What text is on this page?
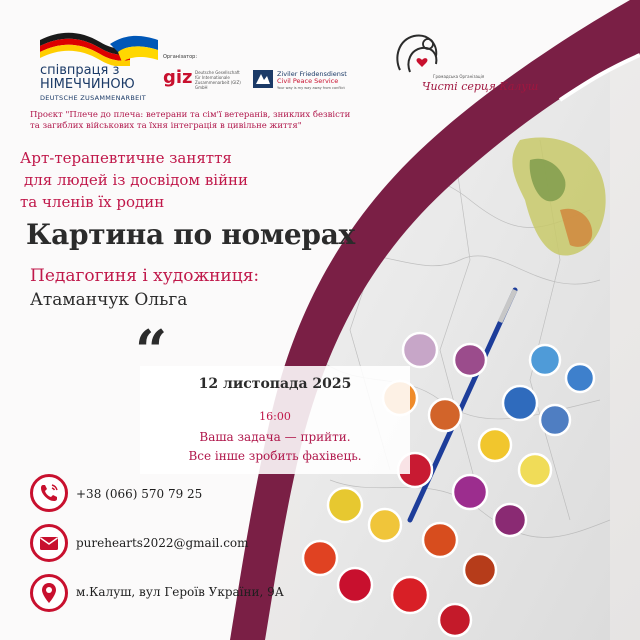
співпраця з
НІМЕЧЧИНОЮ
DEUTSCHE ZUSAMMENARBEIT
Організатор:
giz Deutsche Gesellschaft für Internationale Zusammenarbeit (GIZ) GmbH
Ziviler Friedensdienst
Civil Peace Service
Your way is my way away from conflict
Громадська Організація
Чисті серця Калуш
Проєкт "Плече до плеча: ветерани та сім'ї ветеранів, зниклих безвісти та загиблих військових та їхня інтеграція в цивільне життя"
Арт-терапевтичне заняття
для людей із досвідом війни
та членів їх родин
Картина по номерах
Педагогиня і художниця:
Атаманчук Ольга
“	12 листопада 2025
16:00
Ваша задача — прийти.
Все інше зробить фахівець.
+38 (066) 570 79 25
purehearts2022@gmail.com
м.Калуш, вул Героїв України, 9А
